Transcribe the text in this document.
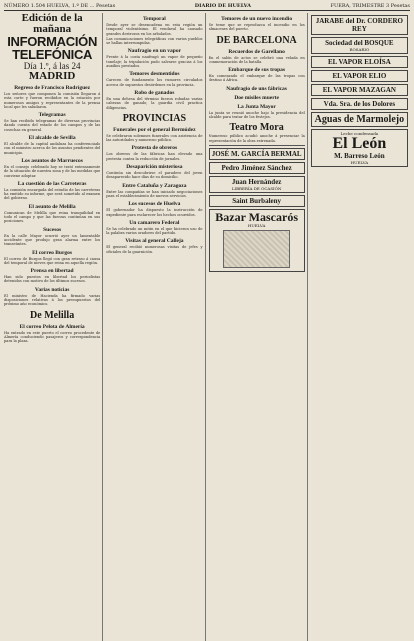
NÚMERO 1.504 HUELVA, 1.º DE ... Pesetas	DIARIO DE HUELVA	FUERA, TRIMESTRE 3 Pesetas
Edición de la mañana
INFORMACIÓN TELEFÓNICA
Día 1.º, á las 24
MADRID
Regreso de Francisco Rodríguez
Los señores que componen la comisión llegaron á esta corte y fueron recibidos en la estación por numerosos amigos y representantes de la prensa local que les saludaron.
Telegramas
Se han recibido telegramas de diversas provincias dando cuenta del estado de los campos y de las cosechas en general.
El alcalde de Sevilla
El alcalde de la capital andaluza ha conferenciado con el ministro acerca de los asuntos pendientes del municipio.
Los asuntos de Marruecos
En el consejo celebrado hoy se trató extensamente de la situación de nuestra zona y de las medidas que conviene adoptar.
La cuestión de las Carreteras
La comisión encargada del estudio de las carreteras ha emitido su informe, que será sometido al examen del gobierno.
El asunto de Melilla
Comunican de Melilla que reina tranquilidad en todo el campo y que las fuerzas continúan en sus posiciones.
Sucesos
En la calle Mayor ocurrió ayer un lamentable accidente que produjo gran alarma entre los transeúntes.
El correo Burgos
El correo de Burgos llegó con gran retraso á causa del temporal de nieves que reina en aquella región.
Prensa en libertad
Han sido puestos en libertad los periodistas detenidos con motivo de los últimos sucesos.
Varias noticias
El ministro de Hacienda ha firmado varias disposiciones relativas á los presupuestos del próximo año económico.
De Melilla
El correo Pelota de Almería
Ha entrado en este puerto el correo procedente de Almería conduciendo pasajeros y correspondencia para la plaza.
Temporal
Desde ayer se desencadena en esta región un temporal violentísimo. El vendaval ha causado grandes destrozos en los arbolados.
Las comunicaciones telegráficas con varios pueblos se hallan interrumpidas.
Naufragio en un vapor
Frente á la costa naufragó un vapor de pequeño tonelaje; la tripulación pudo salvarse gracias á los auxilios prestados.
Temores desmentidos
Carecen de fundamento los rumores circulados acerca de supuestos desórdenes en la provincia.
Robo de ganados
En una dehesa del término fueron robadas varias cabezas de ganado; la guardia civil practica diligencias.
PROVINCIAS
Funerales por el general Bermúdez
Se celebraron solemnes funerales con asistencia de las autoridades y numeroso público.
Protesta de obreros
Los obreros de las fábricas han elevado una protesta contra la reducción de jornales.
Desaparición misteriosa
Continúa sin descubrirse el paradero del joven desaparecido hace días de su domicilio.
Entre Cataluña y Zaragoza
Entre las compañías se han iniciado negociaciones para el establecimiento de nuevos servicios.
Los sucesos de Huelva
El gobernador ha dispuesto la instrucción de expediente para esclarecer los hechos ocurridos.
Un camarero Federal
Se ha celebrado un mitin en el que hicieron uso de la palabra varios oradores del partido.
Visitas al general Calleja
El general recibió numerosas visitas de jefes y oficiales de la guarnición.
Temores de un nuevo incendio
Se teme que se reproduzca el incendio en los almacenes del puerto.
DE BARCELONA
Recuerdos de Garellano
En el salón de actos se celebró una velada en conmemoración de la batalla.
Embarque de sus tropas
Ha comenzado el embarque de las tropas con destino á África.
Naufragio de uns fábricas
Doe misiles muerte
La Junta Mayor
La junta se reunió anoche bajo la presidencia del alcalde para tratar de los festejos.
Teatro Mora
Numeroso público acudió anoche á presenciar la representación de la obra estrenada.
JOSÉ M. GARCÍA BERMAL
Pedro Jiménez Sánchez
Juan Hernández
LIBRERÍA DE OCASIÓN
Saint Burbaleny
Bazar Mascarós
HUELVA
JARABE del Dr. CORDERO REY
Sociedad del BOSQUE
ROSARIO
EL VAPOR ELOÍSA
EL VAPOR ELIO
EL VAPOR MAZAGAN
Vda. Sra. de los Dolores
Aguas de Marmolejo
Leche condensada
El León
M. Barreso León
HUELVA
